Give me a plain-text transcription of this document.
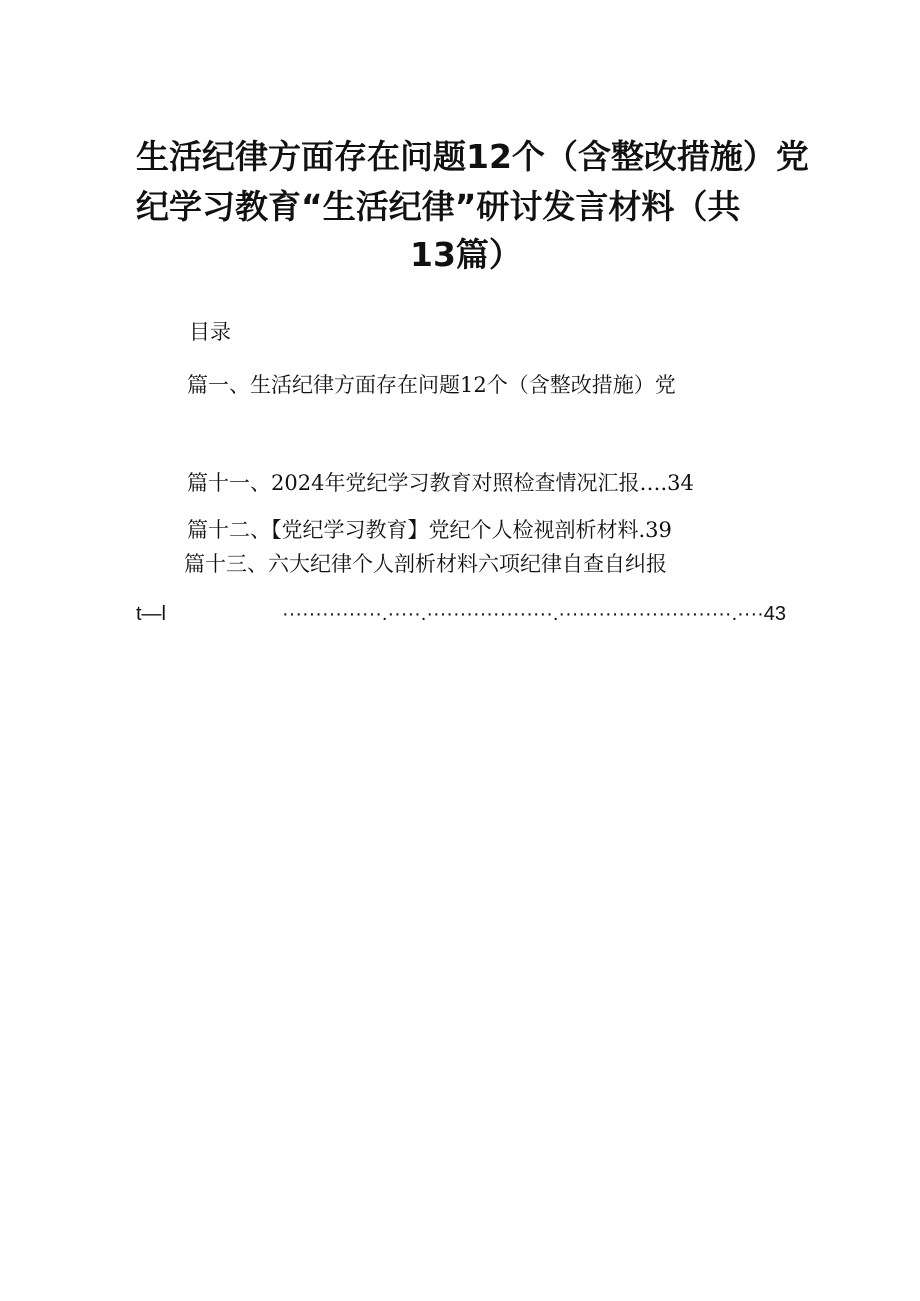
生活纪律方面存在问题12个（含整改措施）党
纪学习教育“生活纪律”研讨发言材料（共
13篇）
目录
篇一、生活纪律方面存在问题12个（含整改措施）党
篇十一、2024年党纪学习教育对照检查情况汇报….34
篇十二、【党纪学习教育】党纪个人检视剖析材料.39
篇十三、六大纪律个人剖析材料六项纪律自查自纠报
t—l	···············.·····.···················.··························.····43
